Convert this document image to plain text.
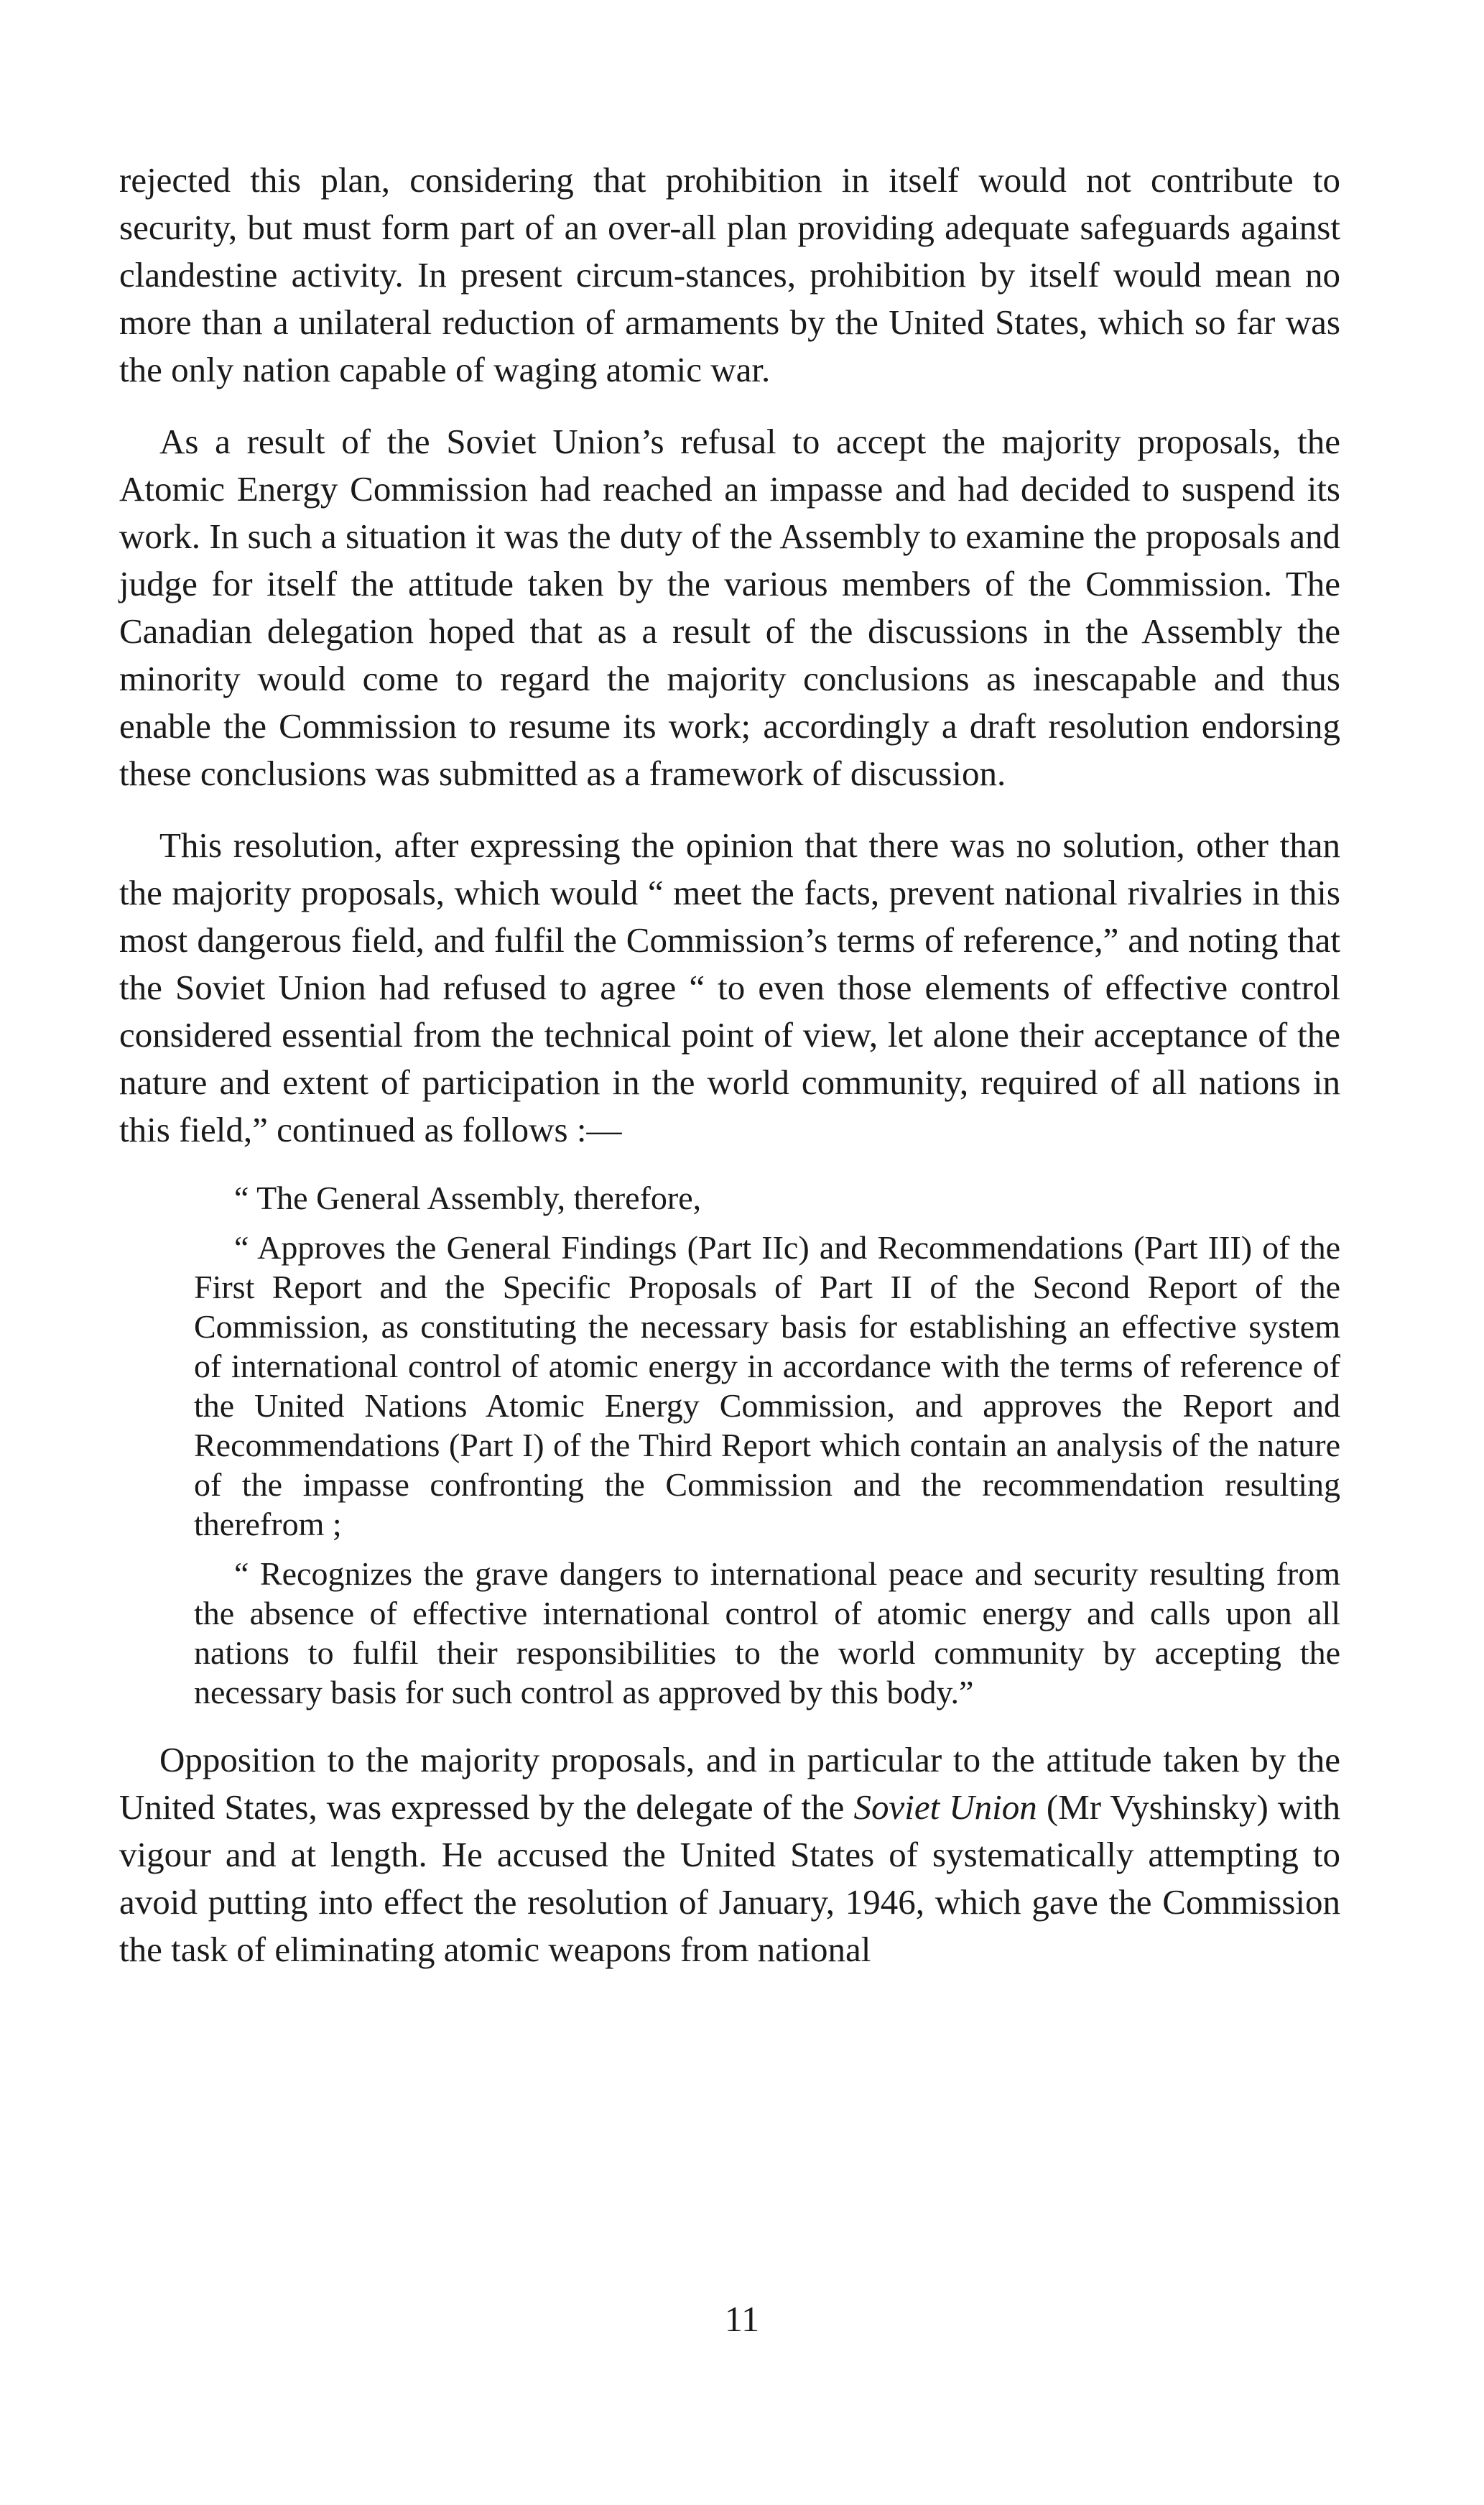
rejected this plan, considering that prohibition in itself would not contribute to security, but must form part of an over-all plan providing adequate safeguards against clandestine activity. In present circum-stances, prohibition by itself would mean no more than a unilateral reduction of armaments by the United States, which so far was the only nation capable of waging atomic war.

As a result of the Soviet Union’s refusal to accept the majority proposals, the Atomic Energy Commission had reached an impasse and had decided to suspend its work. In such a situation it was the duty of the Assembly to examine the proposals and judge for itself the attitude taken by the various members of the Commission. The Canadian delegation hoped that as a result of the discussions in the Assembly the minority would come to regard the majority conclusions as inescapable and thus enable the Commission to resume its work; accordingly a draft resolution endorsing these conclusions was submitted as a framework of discussion.

This resolution, after expressing the opinion that there was no solution, other than the majority proposals, which would “ meet the facts, prevent national rivalries in this most dangerous field, and fulfil the Commission’s terms of reference,” and noting that the Soviet Union had refused to agree “ to even those elements of effective control considered essential from the technical point of view, let alone their acceptance of the nature and extent of participation in the world community, required of all nations in this field,” continued as follows :—

“ The General Assembly, therefore,

“ Approves the General Findings (Part IIc) and Recommendations (Part III) of the First Report and the Specific Proposals of Part II of the Second Report of the Commission, as constituting the necessary basis for establishing an effective system of international control of atomic energy in accordance with the terms of reference of the United Nations Atomic Energy Commission, and approves the Report and Recommendations (Part I) of the Third Report which contain an analysis of the nature of the impasse confronting the Commission and the recommendation resulting therefrom ;

“ Recognizes the grave dangers to international peace and security resulting from the absence of effective international control of atomic energy and calls upon all nations to fulfil their responsibilities to the world community by accepting the necessary basis for such control as approved by this body.”

Opposition to the majority proposals, and in particular to the attitude taken by the United States, was expressed by the delegate of the Soviet Union (Mr Vyshinsky) with vigour and at length. He accused the United States of systematically attempting to avoid putting into effect the resolution of January, 1946, which gave the Commission the task of eliminating atomic weapons from national

11
